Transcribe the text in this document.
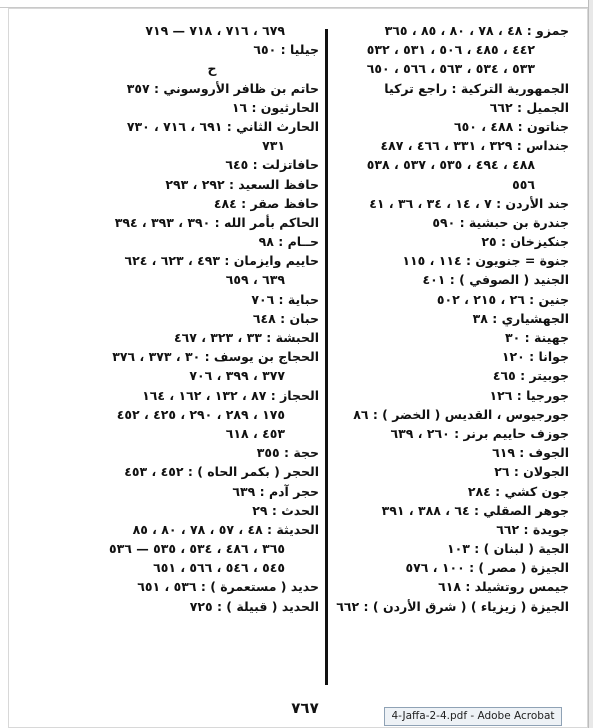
جمزو : ٤٨ ، ٧٨ ، ٨٠ ، ٨٥ ، ٣٦٥
٤٤٢ ، ٤٨٥ ، ٥٠٦ ، ٥٣١ ، ٥٣٢
٥٣٣ ، ٥٣٤ ، ٥٦٣ ، ٥٦٦ ، ٦٥٠
الجمهورية التركية : راجع تركيا
الجميل : ٦٦٢
جناتون : ٤٨٨ ، ٦٥٠
جنداس : ٣٢٩ ، ٣٣١ ، ٤٦٦ ، ٤٨٧
٤٨٨ ، ٤٩٤ ، ٥٣٥ ، ٥٣٧ ، ٥٣٨
٥٥٦
جند الأردن : ٧ ، ١٤ ، ٣٤ ، ٣٦ ، ٤١
جندرة بن حبشية : ٥٩٠
جنكيزخان : ٢٥
جنوة = جنويون : ١١٤ ، ١١٥
الجنيد ( الصوفي ) : ٤٠١
جنين : ٢٦ ، ٢١٥ ، ٥٠٢
الجهشياري : ٣٨
جهينة : ٣٠
جوانا : ١٢٠
جوبيتر : ٤٦٥
جورجيا : ١٢٦
جورجيوس ، القديس ( الخضر ) : ٨٦
جوزف حاييم برنر : ٢٦٠ ، ٦٣٩
الجوف : ٦١٩
الجولان : ٢٦
جون كشي : ٢٨٤
جوهر الصقلي : ٦٤ ، ٣٨٨ ، ٣٩١
جويدة : ٦٦٢
الجية ( لبنان ) : ١٠٣
الجيزة ( مصر ) : ١٠٠ ، ٥٧٦
جيمس روتشيلد : ٦١٨
الجيزة ( زيزياء ) ( شرق الأردن ) : ٦٦٢
٦٧٩ ، ٧١٦ ، ٧١٨ — ٧١٩
جيليا : ٦٥٠
ح
حاتم بن ظافر الأروسوني : ٣٥٧
الحارثيون : ١٦
الحارث الثاني : ٦٩١ ، ٧١٦ ، ٧٣٠
٧٣١
حافاتزلت : ٦٤٥
حافظ السعيد : ٢٩٢ ، ٢٩٣
حافظ صقر : ٤٨٤
الحاكم بأمر الله : ٣٩٠ ، ٣٩٣ ، ٣٩٤
حــام : ٩٨
حاييم وايزمان : ٤٩٣ ، ٦٢٣ ، ٦٢٤
٦٣٩ ، ٦٥٩
حباية : ٧٠٦
حبان : ٦٤٨
الحبشة : ٣٣ ، ٣٢٣ ، ٤٦٧
الحجاج بن يوسف : ٣٠ ، ٣٧٣ ، ٣٧٦
٣٧٧ ، ٣٩٩ ، ٧٠٦
الحجاز : ٨٧ ، ١٣٢ ، ١٦٢ ، ١٦٤
١٧٥ ، ٢٨٩ ، ٢٩٠ ، ٤٢٥ ، ٤٥٢
٤٥٣ ، ٦١٨
حجة : ٣٥٥
الحجر ( بكمر الحاه ) : ٤٥٢ ، ٤٥٣
حجر آدم : ٦٣٩
الحدث : ٢٩
الحديثة : ٤٨ ، ٥٧ ، ٧٨ ، ٨٠ ، ٨٥
٣٦٥ ، ٤٨٦ ، ٥٣٤ ، ٥٣٥ — ٥٣٦
٥٤٥ ، ٥٤٦ ، ٥٦٦ ، ٦٥١
حديد ( مستعمرة ) : ٥٣٦ ، ٦٥١
الحديد ( قبيلة ) : ٧٢٥
٧٦٧	4-Jaffa-2-4.pdf - Adobe Acrobat
